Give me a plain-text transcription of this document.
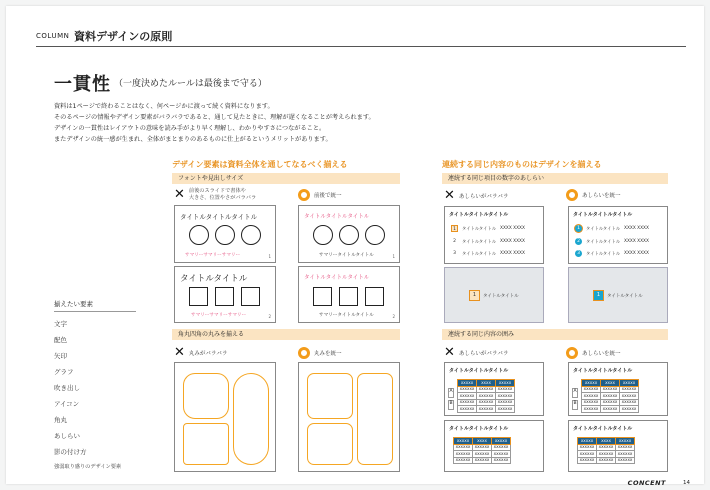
COLUMN 資料デザインの原則
一貫性 （一度決めたルールは最後まで守る）
資料は1ページで終わることはなく、何ページかに渡って続く資料になります。
そのるページの情報やデザイン要素がバラバラであると、通して見たときに、理解が遅くなることが考えられます。
デザインの一貫性はレイアウトの意味を読み手がより早く理解し、わかりやすさにつながること。
またデザインの統一感が生まれ、全体がまとまりのあるものに仕上がるというメリットがあります。
揃えたい要素
文字
配色
矢印
グラフ
吹き出し
アイコン
角丸
あしらい
影の付け方
強弱取り感りのデザイン要素
デザイン要素は資料全体を通してなるべく揃える
フォントや見出しサイズ
✕ 前後のスライドで書体や
大きさ、位置やさがバラバラ	前後で統一
タイトルタイトルタイトル
サマリーサマリーサマリー	1
タイトルタイトルタイトル
サマリータイトルタイトル	1
タイトルタイトル
サマリーサマリーサマリー	2
タイトルタイトルタイトル
サマリータイトルタイトル	2
角丸四角の丸みを揃える
✕ 丸みがバラバラ	丸みを統一
連続する同じ内容のものはデザインを揃える
連続する同じ項目の数字のあしらい
✕ あしらいがバラバラ	あしらいを統一
タイトルタイトルタイトル
1	タイトルタイトル XXXX XXXX
2	タイトルタイトル XXXX XXXX
3	タイトルタイトル XXXX XXXX
タイトルタイトルタイトル
1	タイトルタイトル XXXX XXXX
2	タイトルタイトル XXXX XXXX
3	タイトルタイトル XXXX XXXX
1	タイトルタイトル	1	タイトルタイトル
連続する同じ内容の囲み
✕ あしらいがバラバラ	あしらいを統一
タイトルタイトルタイトル
A
B
XXXXX	XXXX	XXXXX
XXXXXX	XXXXXX	XXXXXX
XXXXXX	XXXXXX	XXXXXX
XXXXXX	XXXXXX	XXXXXX
XXXXXX	XXXXXX	XXXXXX
タイトルタイトルタイトル
A
B
XXXXX	XXXX	XXXXX
XXXXXX	XXXXXX	XXXXXX
XXXXXX	XXXXXX	XXXXXX
XXXXXX	XXXXXX	XXXXXX
XXXXXX	XXXXXX	XXXXXX
タイトルタイトルタイトル
XXXXX	XXXX	XXXXX
XXXXXX	XXXXXX	XXXXXX
XXXXXX	XXXXXX	XXXXXX
XXXXXX	XXXXXX	XXXXXX
タイトルタイトルタイトル
XXXXX	XXXX	XXXXX
XXXXXX	XXXXXX	XXXXXX
XXXXXX	XXXXXX	XXXXXX
XXXXXX	XXXXXX	XXXXXX
CONCENT	14
